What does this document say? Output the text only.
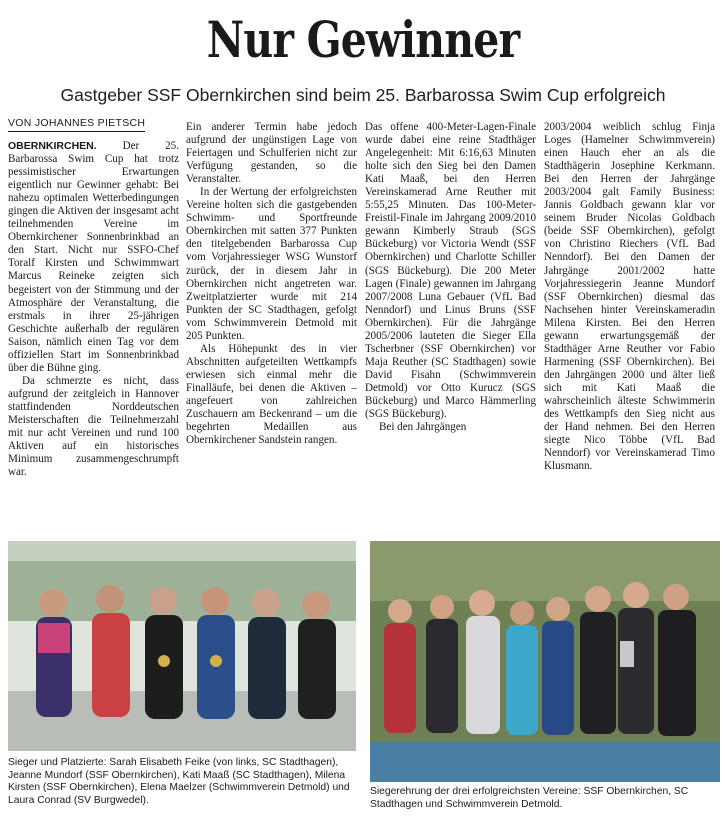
Nur Gewinner
Gastgeber SSF Obernkirchen sind beim 25. Barbarossa Swim Cup erfolgreich
VON JOHANNES PIETSCH

OBERNKIRCHEN. Der 25. Barbarossa Swim Cup hat trotz pessimistischer Erwartungen eigentlich nur Gewinner gehabt: Bei nahezu optimalen Wetterbedingungen gingen die Aktiven der insgesamt acht teilnehmenden Vereine im Obernkirchener Sonnenbrinkbad an den Start. Nicht nur SSFO-Chef Toralf Kirsten und Schwimmwart Marcus Reineke zeigten sich begeistert von der Stimmung und der Atmosphäre der Veranstaltung, die erstmals in ihrer 25-jährigen Geschichte außerhalb der regulären Saison, nämlich einen Tag vor dem offiziellen Start im Sonnenbrinkbad über die Bühne ging.

Da schmerzte es nicht, dass aufgrund der zeitgleich in Hannover stattfindenden Norddeutschen Meisterschaften die Teilnehmerzahl mit nur acht Vereinen und rund 100 Aktiven auf ein historisches Minimum zusammengeschrumpft war.

Ein anderer Termin habe jedoch aufgrund der ungünstigen Lage von Feiertagen und Schulferien nicht zur Verfügung gestanden, so die Veranstalter.

In der Wertung der erfolgreichsten Vereine holten sich die gastgebenden Schwimm- und Sportfreunde Obernkirchen mit satten 377 Punkten den titelgebenden Barbarossa Cup vom Vorjahressieger WSG Wunstorf zurück, der in diesem Jahr in Obernkirchen nicht angetreten war. Zweitplatzierter wurde mit 214 Punkten der SC Stadthagen, gefolgt vom Schwimmverein Detmold mit 205 Punkten.

Als Höhepunkt des in vier Abschnitten aufgeteilten Wettkampfs erwiesen sich einmal mehr die Finalläufe, bei denen die Aktiven – angefeuert von zahlreichen Zuschauern am Beckenrand – um die begehrten Medaillen aus Obernkirchener Sandstein rangen.

Das offene 400-Meter-Lagen-Finale wurde dabei eine reine Stadthäger Angelegenheit: Mit 6:16,63 Minuten holte sich den Sieg bei den Damen Kati Maaß, bei den Herren Vereinskamerad Arne Reuther mit 5:55,25 Minuten. Das 100-Meter-Freistil-Finale im Jahrgang 2009/2010 gewann Kimberly Straub (SGS Bückeburg) vor Victoria Wendt (SSF Obernkirchen) und Charlotte Schiller (SGS Bückeburg). Die 200 Meter Lagen (Finale) gewannen im Jahrgang 2007/2008 Luna Gebauer (VfL Bad Nenndorf) und Linus Bruns (SSF Obernkirchen). Für die Jahrgänge 2005/2006 lauteten die Sieger Ella Tscherbner (SSF Obernkirchen) vor Maja Reuther (SC Stadthagen) sowie David Fisahn (Schwimmverein Detmold) vor Otto Kurucz (SGS Bückeburg) und Marco Hämmerling (SGS Bückeburg).

Bei den Jahrgängen

2003/2004 weiblich schlug Finja Loges (Hamelner Schwimmverein) einen Hauch eher an als die Stadthägerin Josephine Kerkmann. Bei den Herren der Jahrgänge 2003/2004 galt Family Business: Jannis Goldbach gewann klar vor seinem Bruder Nicolas Goldbach (beide SSF Obernkirchen), gefolgt von Christino Riechers (VfL Bad Nenndorf). Bei den Damen der Jahrgänge 2001/2002 hatte Vorjahressiegerin Jeanne Mundorf (SSF Obernkirchen) diesmal das Nachsehen hinter Vereinskameradin Milena Kirsten. Bei den Herren gewann erwartungsgemäß der Stadthäger Arne Reuther vor Fabio Harmening (SSF Obernkirchen). Bei den Jahrgängen 2000 und älter ließ sich mit Kati Maaß die wahrscheinlich älteste Schwimmerin des Wettkampfs den Sieg nicht aus der Hand nehmen. Bei den Herren siegte Nico Többe (VfL Bad Nenndorf) vor Vereinskamerad Timo Klusmann.

Sieger und Platzierte: Sarah Elisabeth Feike (von links, SC Stadthagen), Jeanne Mundorf (SSF Obernkirchen), Kati Maaß (SC Stadthagen), Milena Kirsten (SSF Obernkirchen), Elena Maelzer (Schwimmverein Detmold) und Laura Conrad (SV Burgwedel).
Siegerehrung der drei erfolgreichsten Vereine: SSF Obernkirchen, SC Stadthagen und Schwimmverein Detmold.
